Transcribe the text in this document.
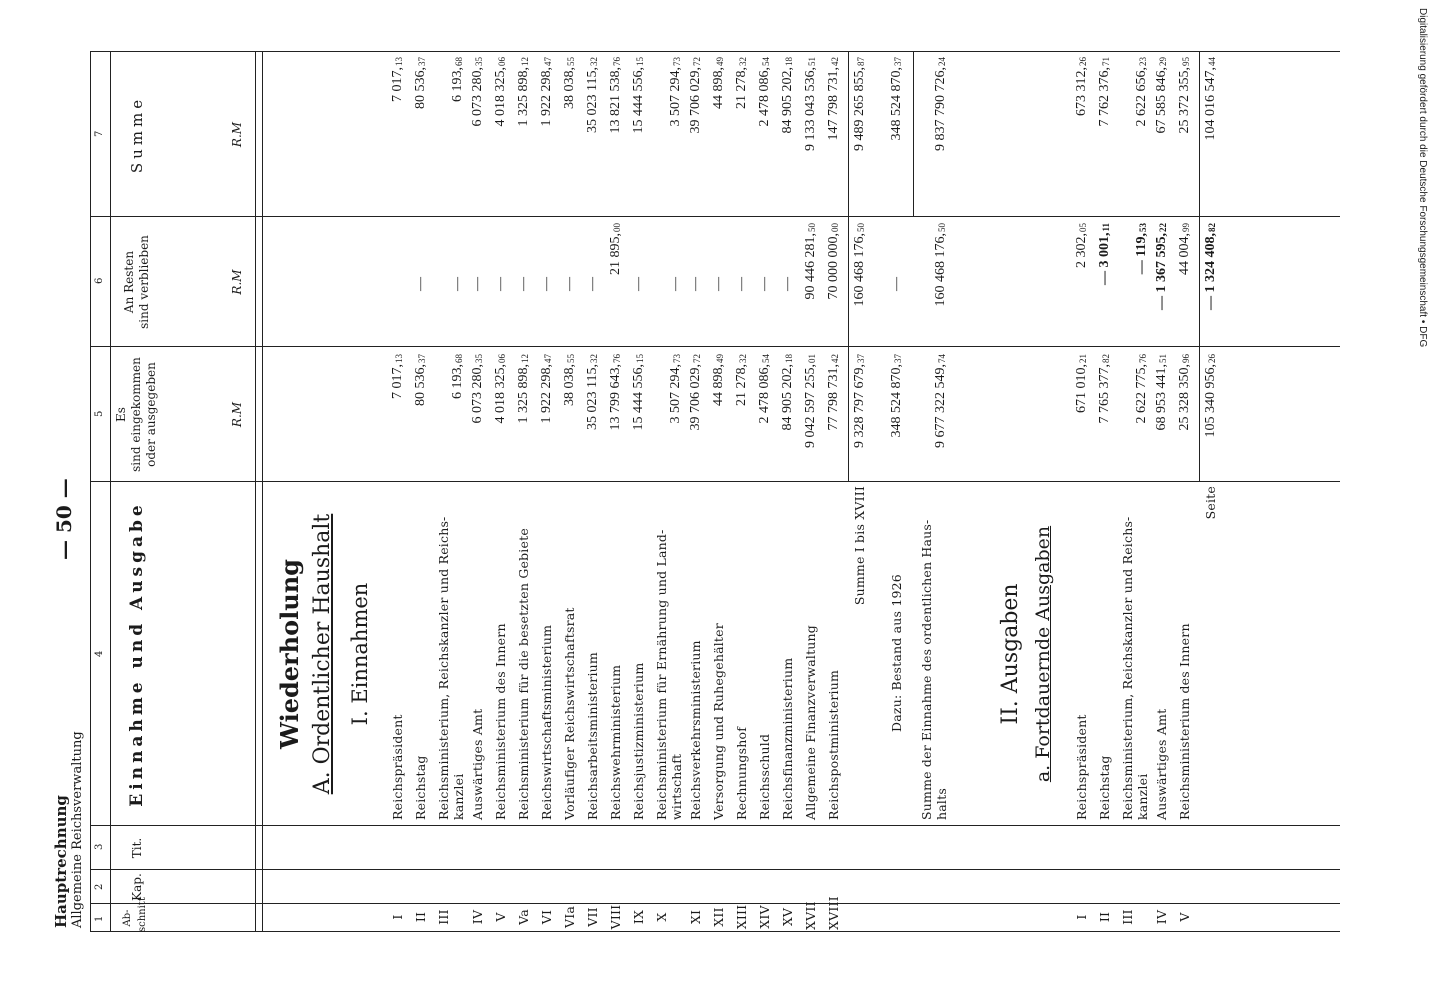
Hauptrechnung Allgemeine Reichsverwaltung
— 50 —
1
2
3
4
5
6
7
Ab-
schnitt
Kap.
Tit.
Einnahme und Ausgabe
Es
sind eingekommen
oder ausgegeben
An Resten
sind verblieben
Summe
R.M
R.M
R.M
Wiederholung A. Ordentlicher Haushalt I. Einnahmen
I
Reichspräsident
7 017,13
7 017,13
II
Reichstag
80 536,37
—
80 536,37
III
Reichsministerium, Reichskanzler und Reichs-
kanzlei
6 193,68
—
6 193,68
IV
Auswärtiges Amt
6 073 280,35
—
6 073 280,35
V
Reichsministerium des Innern
4 018 325,06
—
4 018 325,06
Va
Reichsministerium für die besetzten Gebiete
1 325 898,12
—
1 325 898,12
VI
Reichswirtschaftsministerium
1 922 298,47
—
1 922 298,47
VIa
Vorläufiger Reichswirtschaftsrat
38 038,55
—
38 038,55
VII
Reichsarbeitsministerium
35 023 115,32
—
35 023 115,32
VIII
Reichswehrministerium
13 799 643,76
21 895,00
13 821 538,76
IX
Reichsjustizministerium
15 444 556,15
—
15 444 556,15
X
Reichsministerium für Ernährung und Land-
wirtschaft
3 507 294,73
—
3 507 294,73
XI
Reichsverkehrsministerium
39 706 029,72
—
39 706 029,72
XII
Versorgung und Ruhegehälter
44 898,49
—
44 898,49
XIII
Rechnungshof
21 278,32
—
21 278,32
XIV
Reichsschuld
2 478 086,54
—
2 478 086,54
XV
Reichsfinanzministerium
84 905 202,18
—
84 905 202,18
XVII
Allgemeine Finanzverwaltung
9 042 597 255,01
90 446 281,50
9 133 043 536,51
XVIII
Reichspostministerium
77 798 731,42
70 000 000,00
147 798 731,42
Summe I bis XVIII
9 328 797 679,37
160 468 176,50
9 489 265 855,87
Dazu: Bestand aus 1926
348 524 870,37
—
348 524 870,37
Summe der Einnahme des ordentlichen Haus-
halts
9 677 322 549,74
160 468 176,50
9 837 790 726,24
II. Ausgaben a. Fortdauernde Ausgaben
I
Reichspräsident
671 010,21
2 302,05
673 312,26
II
Reichstag
7 765 377,82
— 3 001,11
7 762 376,71
III
Reichsministerium, Reichskanzler und Reichs-
kanzlei
2 622 775,76
— 119,53
2 622 656,23
IV
Auswärtiges Amt
68 953 441,51
— 1 367 595,22
67 585 846,29
V
Reichsministerium des Innern
25 328 350,96
44 004,99
25 372 355,95
Seite
105 340 956,26
— 1 324 408,82
104 016 547,44	Digitalisierung gefördert durch die Deutsche Forschungsgemeinschaft • DFG
